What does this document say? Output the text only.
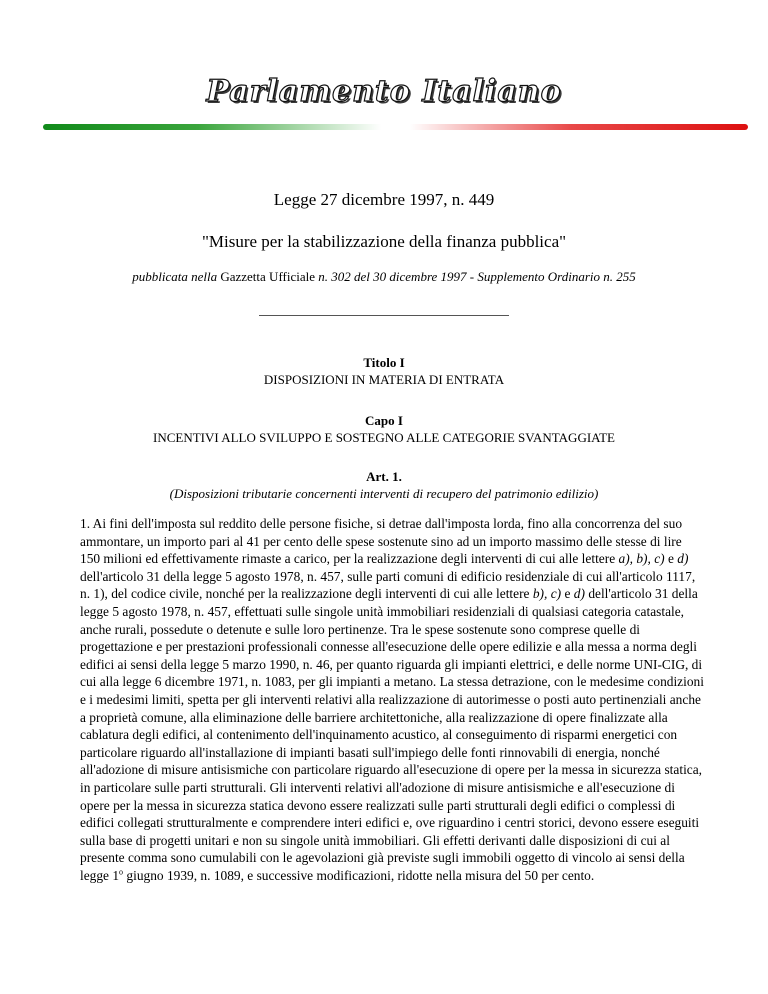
Parlamento Italiano
Legge 27 dicembre 1997, n. 449
"Misure per la stabilizzazione della finanza pubblica"
pubblicata nella Gazzetta Ufficiale n. 302 del 30 dicembre 1997 - Supplemento Ordinario n. 255
Titolo I
DISPOSIZIONI IN MATERIA DI ENTRATA
Capo I
INCENTIVI ALLO SVILUPPO E SOSTEGNO ALLE CATEGORIE SVANTAGGIATE
Art. 1.
(Disposizioni tributarie concernenti interventi di recupero del patrimonio edilizio)
1. Ai fini dell'imposta sul reddito delle persone fisiche, si detrae dall'imposta lorda, fino alla concorrenza del suo ammontare, un importo pari al 41 per cento delle spese sostenute sino ad un importo massimo delle stesse di lire 150 milioni ed effettivamente rimaste a carico, per la realizzazione degli interventi di cui alle lettere a), b), c) e d) dell'articolo 31 della legge 5 agosto 1978, n. 457, sulle parti comuni di edificio residenziale di cui all'articolo 1117, n. 1), del codice civile, nonché per la realizzazione degli interventi di cui alle lettere b), c) e d) dell'articolo 31 della legge 5 agosto 1978, n. 457, effettuati sulle singole unità immobiliari residenziali di qualsiasi categoria catastale, anche rurali, possedute o detenute e sulle loro pertinenze. Tra le spese sostenute sono comprese quelle di progettazione e per prestazioni professionali connesse all'esecuzione delle opere edilizie e alla messa a norma degli edifici ai sensi della legge 5 marzo 1990, n. 46, per quanto riguarda gli impianti elettrici, e delle norme UNI-CIG, di cui alla legge 6 dicembre 1971, n. 1083, per gli impianti a metano. La stessa detrazione, con le medesime condizioni e i medesimi limiti, spetta per gli interventi relativi alla realizzazione di autorimesse o posti auto pertinenziali anche a proprietà comune, alla eliminazione delle barriere architettoniche, alla realizzazione di opere finalizzate alla cablatura degli edifici, al contenimento dell'inquinamento acustico, al conseguimento di risparmi energetici con particolare riguardo all'installazione di impianti basati sull'impiego delle fonti rinnovabili di energia, nonché all'adozione di misure antisismiche con particolare riguardo all'esecuzione di opere per la messa in sicurezza statica, in particolare sulle parti strutturali. Gli interventi relativi all'adozione di misure antisismiche e all'esecuzione di opere per la messa in sicurezza statica devono essere realizzati sulle parti strutturali degli edifici o complessi di edifici collegati strutturalmente e comprendere interi edifici e, ove riguardino i centri storici, devono essere eseguiti sulla base di progetti unitari e non su singole unità immobiliari. Gli effetti derivanti dalle disposizioni di cui al presente comma sono cumulabili con le agevolazioni già previste sugli immobili oggetto di vincolo ai sensi della legge 1$^o$ giugno 1939, n. 1089, e successive modificazioni, ridotte nella misura del 50 per cento.
